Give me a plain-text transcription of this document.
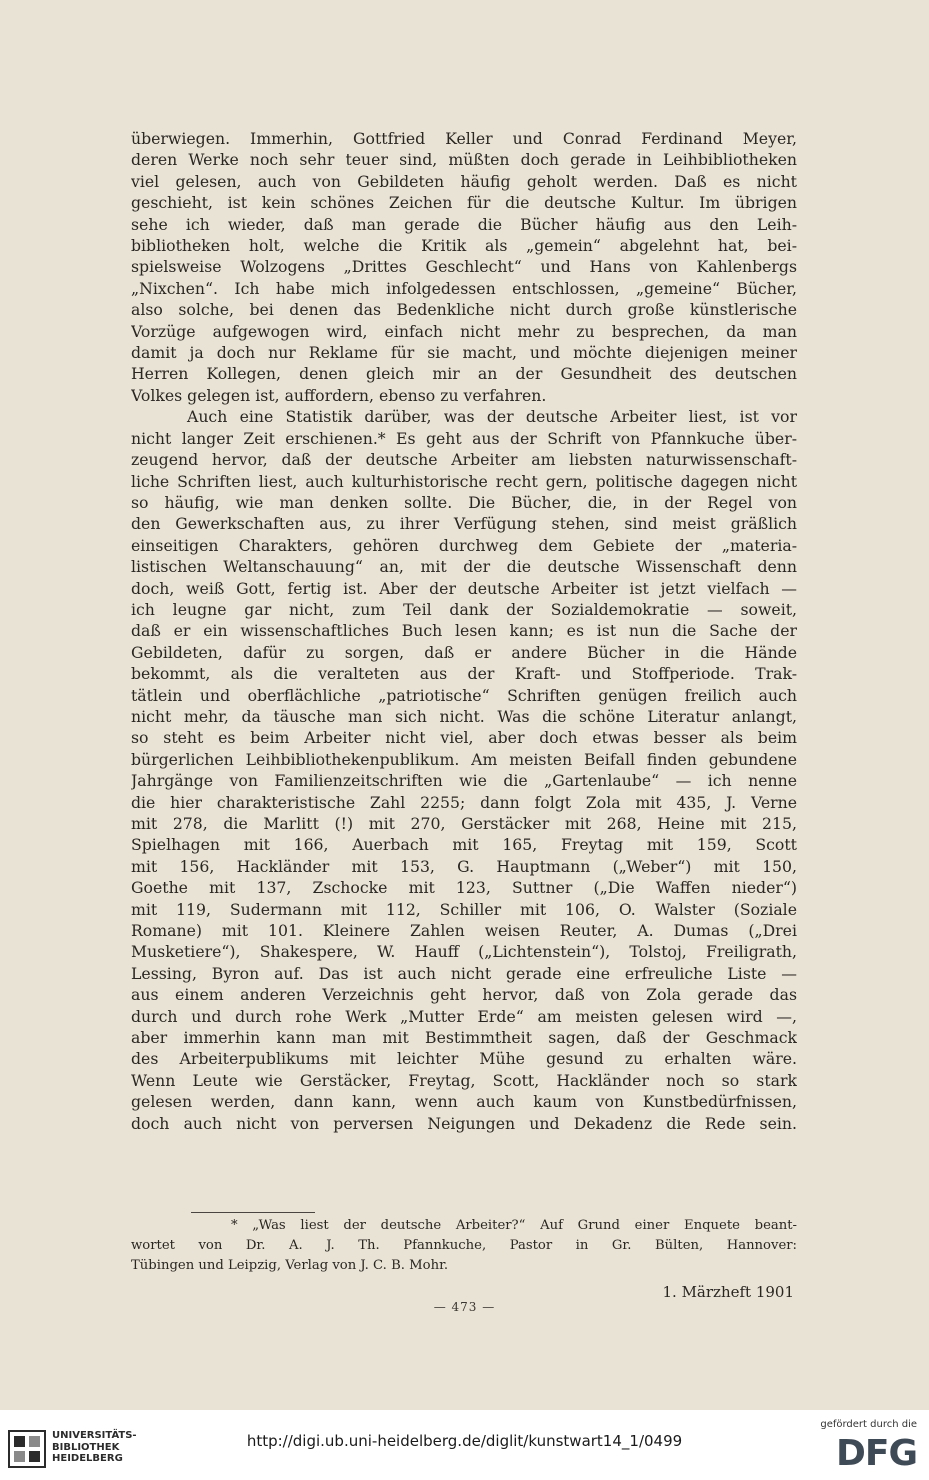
überwiegen. Immerhin, Gottfried Keller und Conrad Ferdinand Meyer,
deren Werke noch sehr teuer sind, müßten doch gerade in Leihbibliotheken
viel gelesen, auch von Gebildeten häufig geholt werden. Daß es nicht
geschieht, ist kein schönes Zeichen für die deutsche Kultur. Im übrigen
sehe ich wieder, daß man gerade die Bücher häufig aus den Leih-
bibliotheken holt, welche die Kritik als „gemein“ abgelehnt hat, bei-
spielsweise Wolzogens „Drittes Geschlecht“ und Hans von Kahlenbergs
„Nixchen“. Ich habe mich infolgedessen entschlossen, „gemeine“ Bücher,
also solche, bei denen das Bedenkliche nicht durch große künstlerische
Vorzüge aufgewogen wird, einfach nicht mehr zu besprechen, da man
damit ja doch nur Reklame für sie macht, und möchte diejenigen meiner
Herren Kollegen, denen gleich mir an der Gesundheit des deutschen
Volkes gelegen ist, auffordern, ebenso zu verfahren.
Auch eine Statistik darüber, was der deutsche Arbeiter liest, ist vor
nicht langer Zeit erschienen.* Es geht aus der Schrift von Pfannkuche über-
zeugend hervor, daß der deutsche Arbeiter am liebsten naturwissenschaft-
liche Schriften liest, auch kulturhistorische recht gern, politische dagegen nicht
so häufig, wie man denken sollte. Die Bücher, die, in der Regel von
den Gewerkschaften aus, zu ihrer Verfügung stehen, sind meist gräßlich
einseitigen Charakters, gehören durchweg dem Gebiete der „materia-
listischen Weltanschauung“ an, mit der die deutsche Wissenschaft denn
doch, weiß Gott, fertig ist. Aber der deutsche Arbeiter ist jetzt vielfach —
ich leugne gar nicht, zum Teil dank der Sozialdemokratie — soweit,
daß er ein wissenschaftliches Buch lesen kann; es ist nun die Sache der
Gebildeten, dafür zu sorgen, daß er andere Bücher in die Hände
bekommt, als die veralteten aus der Kraft- und Stoffperiode. Trak-
tätlein und oberflächliche „patriotische“ Schriften genügen freilich auch
nicht mehr, da täusche man sich nicht. Was die schöne Literatur anlangt,
so steht es beim Arbeiter nicht viel, aber doch etwas besser als beim
bürgerlichen Leihbibliothekenpublikum. Am meisten Beifall finden gebundene
Jahrgänge von Familienzeitschriften wie die „Gartenlaube“ — ich nenne
die hier charakteristische Zahl 2255; dann folgt Zola mit 435, J. Verne
mit 278, die Marlitt (!) mit 270, Gerstäcker mit 268, Heine mit 215,
Spielhagen mit 166, Auerbach mit 165, Freytag mit 159, Scott
mit 156, Hackländer mit 153, G. Hauptmann („Weber“) mit 150,
Goethe mit 137, Zschocke mit 123, Suttner („Die Waffen nieder“)
mit 119, Sudermann mit 112, Schiller mit 106, O. Walster (Soziale
Romane) mit 101. Kleinere Zahlen weisen Reuter, A. Dumas („Drei
Musketiere“), Shakespere, W. Hauff („Lichtenstein“), Tolstoj, Freiligrath,
Lessing, Byron auf. Das ist auch nicht gerade eine erfreuliche Liste —
aus einem anderen Verzeichnis geht hervor, daß von Zola gerade das
durch und durch rohe Werk „Mutter Erde“ am meisten gelesen wird —,
aber immerhin kann man mit Bestimmtheit sagen, daß der Geschmack
des Arbeiterpublikums mit leichter Mühe gesund zu erhalten wäre.
Wenn Leute wie Gerstäcker, Freytag, Scott, Hackländer noch so stark
gelesen werden, dann kann, wenn auch kaum von Kunstbedürfnissen,
doch auch nicht von perversen Neigungen und Dekadenz die Rede sein.
* „Was liest der deutsche Arbeiter?“ Auf Grund einer Enquete beant-
wortet von Dr. A. J. Th. Pfannkuche, Pastor in Gr. Bülten, Hannover:
Tübingen und Leipzig, Verlag von J. C. B. Mohr.
1. Märzheft 1901
— 473 —
UNIVERSITÄTS-
BIBLIOTHEK
HEIDELBERG
http://digi.ub.uni-heidelberg.de/diglit/kunstwart14_1/0499
gefördert durch die
DFG
